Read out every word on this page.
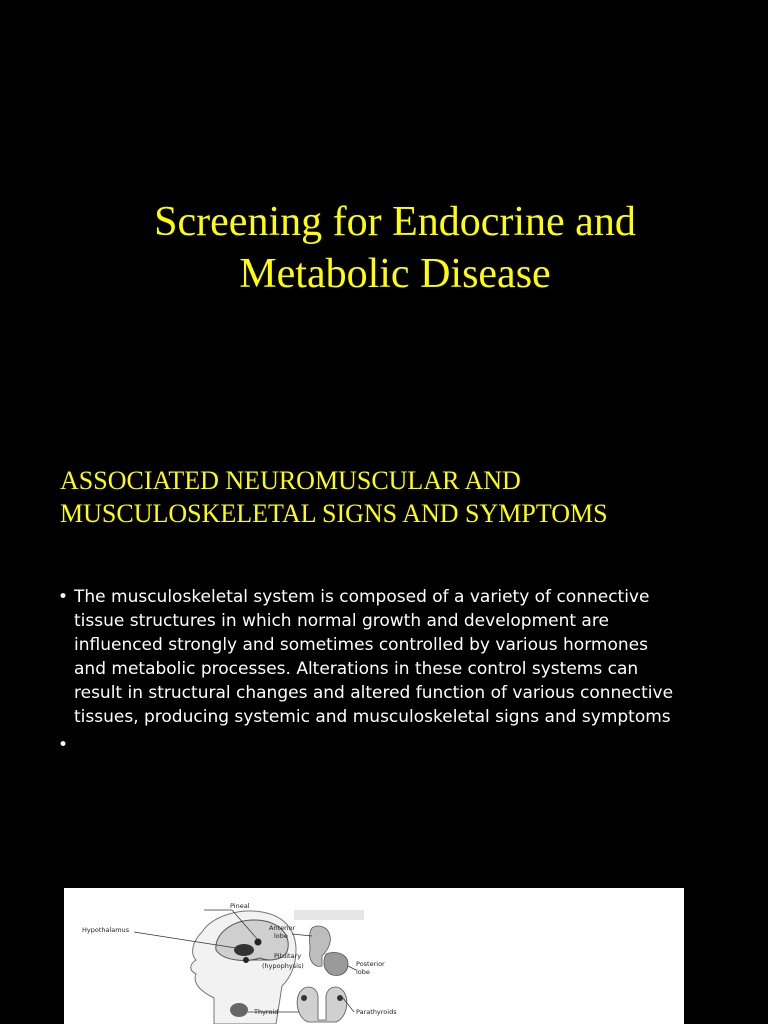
Screening for Endocrine and
Metabolic Disease
ASSOCIATED NEUROMUSCULAR AND
MUSCULOSKELETAL SIGNS AND SYMPTOMS
• The musculoskeletal system is composed of a variety of connective
tissue structures in which normal growth and development are
influenced strongly and sometimes controlled by various hormones
and metabolic processes. Alterations in these control systems can
result in structural changes and altered function of various connective
tissues, producing systemic and musculoskeletal signs and symptoms
•
Pineal
Hypothalamus	Anterior
lobe
Pituitary
(hypophysis)	Posterior
lobe
Thyroid	Parathyroids
